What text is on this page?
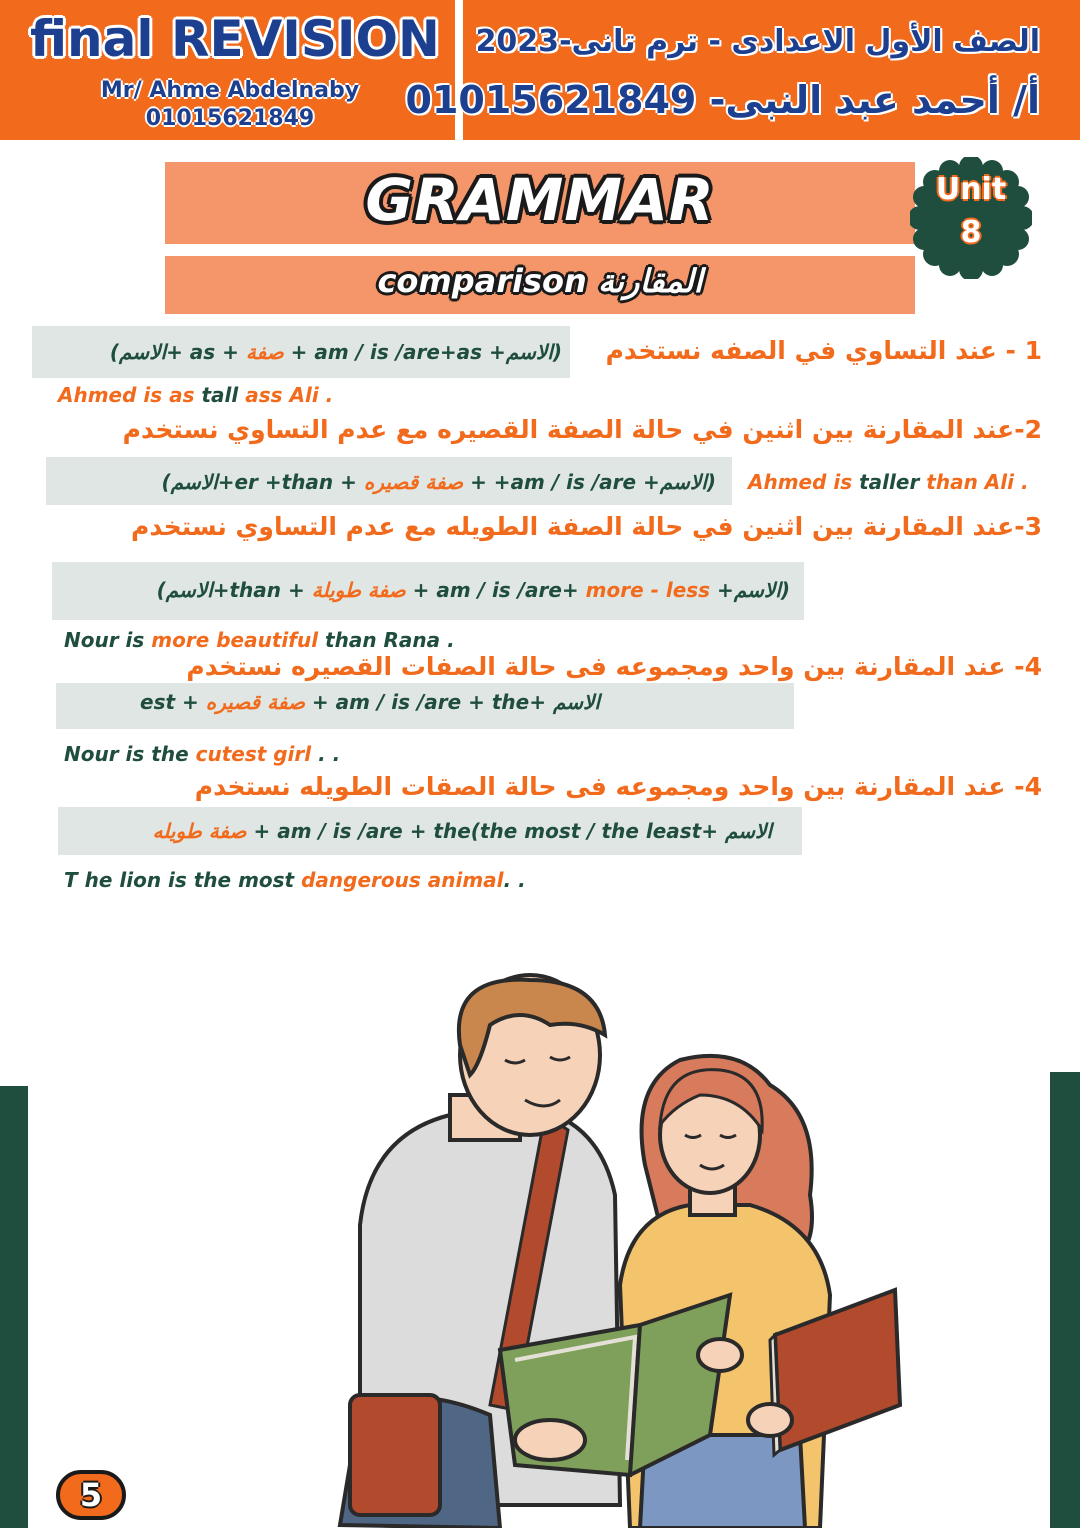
final REVISION
Mr/ Ahme Abdelnaby
01015621849
الصف الأول الاعدادى - ترم تانى-2023
أ/ أحمد عبد النبى- 01015621849
GRAMMAR
comparison المقارنة
Unit
8
1 - عند التساوي في الصفه نستخدم
(الاسم+ am / is /are+as + صفة + as +الاسم)
Ahmed is as tall ass Ali .
2-عند المقارنة بين اثنين في حالة الصفة القصيره مع عدم التساوي نستخدم
(الاسم+ am / is /are+ + صفة قصيره + er +than+الاسم)	Ahmed is taller than Ali .
3-عند المقارنة بين اثنين في حالة الصفة الطويله مع عدم التساوي نستخدم
(الاسم+ am / is /are+ more - less + صفة طويلة + than+الاسم)
Nour is more beautiful than Rana .
4- عند المقارنة بين واحد ومجموعه فى حالة الصفات القصيره نستخدم
الاسم +am / is /are + the + صفة قصيره + est
Nour is the cutest girl . .
4- عند المقارنة بين واحد ومجموعه فى حالة الصقات الطويله نستخدم
الاسم +am / is /are + the(the most / the least + صفة طويله
T he lion is the most dangerous animal. .
5
